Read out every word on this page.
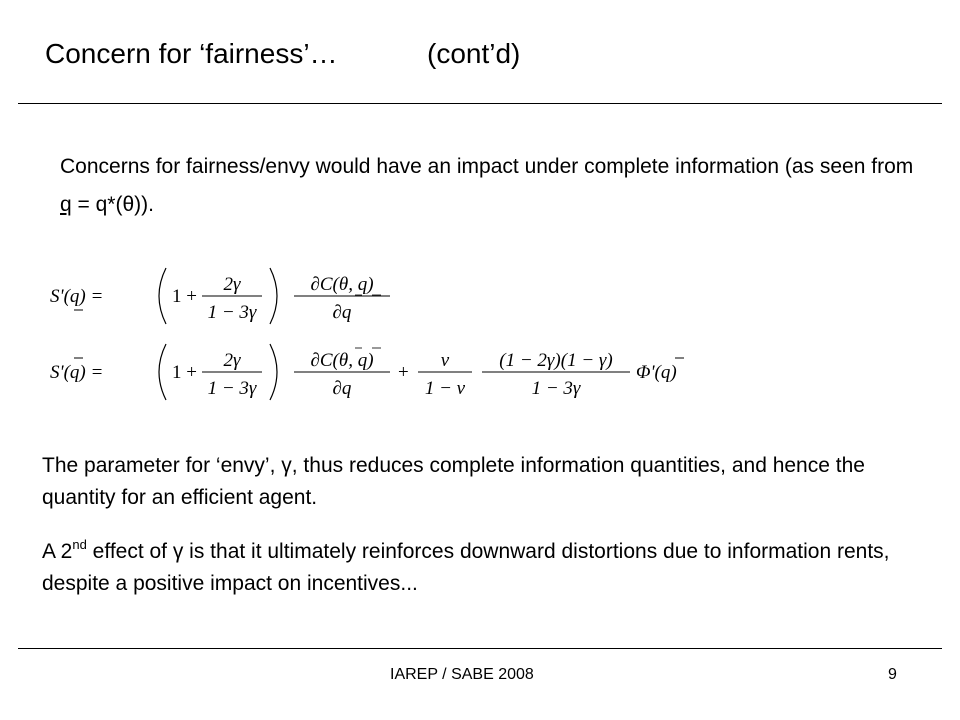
Concern for ‘fairness’…	(cont’d)
Concerns for fairness/envy would have an impact under complete information (as seen from q = q*(θ)).
S'(q) =	1 +
2γ
1 − 3γ
∂C(θ, q)
∂q
S'(q) =	1 +
2γ
1 − 3γ
∂C(θ, q)
∂q
+
ν
1 − ν
(1 − 2γ)(1 − γ)
1 − 3γ
Φ'(q)
The parameter for ‘envy’, γ, thus reduces complete information quantities, and hence the quantity for an efficient agent.
A 2nd effect of γ is that it ultimately reinforces downward distortions due to information rents, despite a positive impact on incentives...
IAREP / SABE 2008	9
